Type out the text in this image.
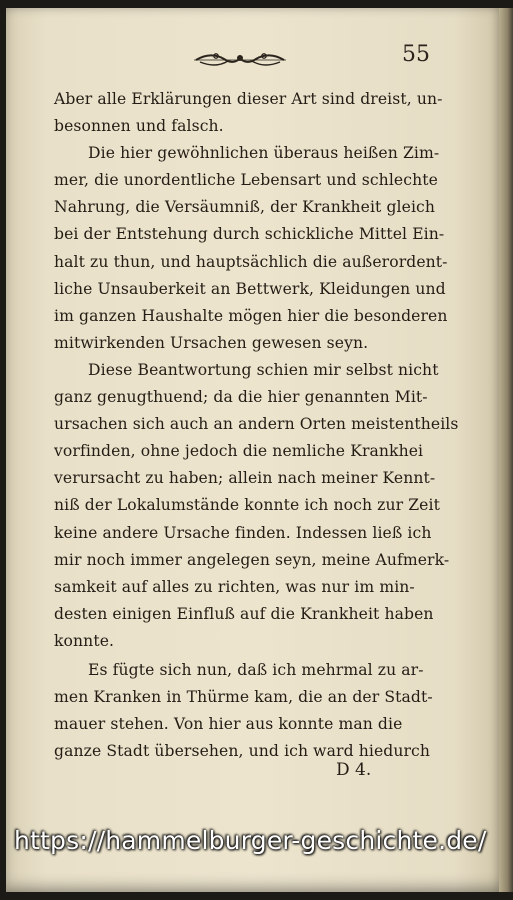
55
Aber alle Erklärungen dieser Art sind dreist, un-
besonnen und falsch.
Die hier gewöhnlichen überaus heißen Zim-
mer, die unordentliche Lebensart und schlechte
Nahrung, die Versäumniß, der Krankheit gleich
bei der Entstehung durch schickliche Mittel Ein-
halt zu thun, und hauptsächlich die außerordent-
liche Unsauberkeit an Bettwerk, Kleidungen und
im ganzen Haushalte mögen hier die besonderen
mitwirkenden Ursachen gewesen seyn.
Diese Beantwortung schien mir selbst nicht
ganz genugthuend; da die hier genannten Mit-
ursachen sich auch an andern Orten meistentheils
vorfinden, ohne jedoch die nemliche Krankhei
verursacht zu haben; allein nach meiner Kennt-
niß der Lokalumstände konnte ich noch zur Zeit
keine andere Ursache finden. Indessen ließ ich
mir noch immer angelegen seyn, meine Aufmerk-
samkeit auf alles zu richten, was nur im min-
desten einigen Einfluß auf die Krankheit haben
konnte.
Es fügte sich nun, daß ich mehrmal zu ar-
men Kranken in Thürme kam, die an der Stadt-
mauer stehen. Von hier aus konnte man die
ganze Stadt übersehen, und ich ward hiedurch
D 4.
https://hammelburger-geschichte.de/
